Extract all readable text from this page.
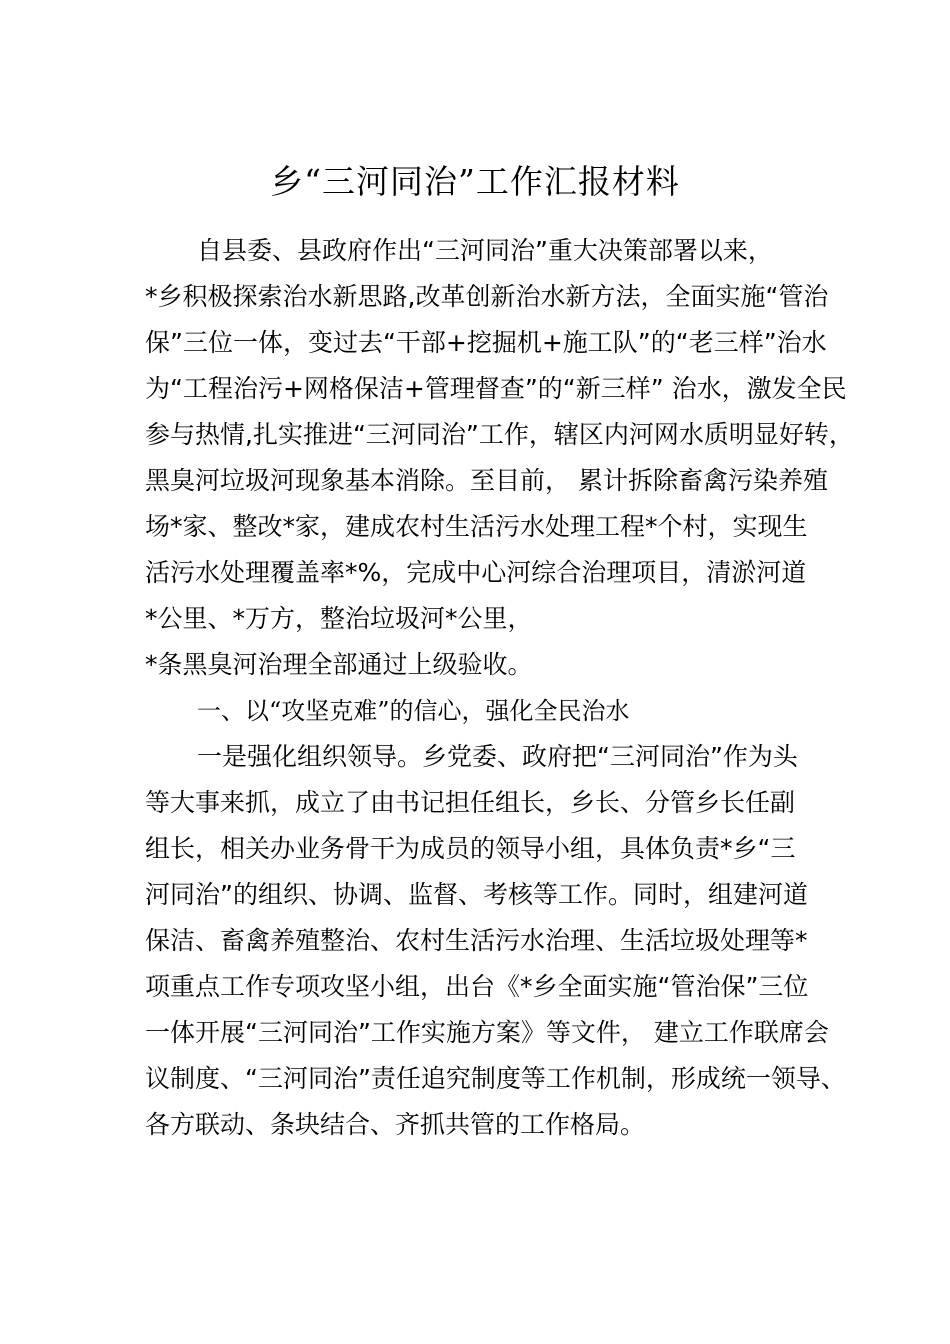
乡“三河同治”工作汇报材料
自县委、县政府作出“三河同治”重大决策部署以来，
*乡积极探索治水新思路,改革创新治水新方法，全面实施“管治
保”三位一体，变过去“干部+挖掘机+施工队”的“老三样”治水
为“工程治污+网格保洁+管理督查”的“新三样” 治水，激发全民
参与热情,扎实推进“三河同治”工作，辖区内河网水质明显好转，
黑臭河垃圾河现象基本消除。至目前， 累计拆除畜禽污染养殖
场*家、整改*家，建成农村生活污水处理工程*个村，实现生
活污水处理覆盖率*%，完成中心河综合治理项目，清淤河道
*公里、*万方，整治垃圾河*公里，
*条黑臭河治理全部通过上级验收。
一、以“攻坚克难”的信心，强化全民治水
一是强化组织领导。乡党委、政府把“三河同治”作为头
等大事来抓，成立了由书记担任组长，乡长、分管乡长任副
组长，相关办业务骨干为成员的领导小组，具体负责*乡“三
河同治”的组织、协调、监督、考核等工作。同时，组建河道
保洁、畜禽养殖整治、农村生活污水治理、生活垃圾处理等*
项重点工作专项攻坚小组，出台《*乡全面实施“管治保”三位
一体开展“三河同治”工作实施方案》等文件， 建立工作联席会
议制度、“三河同治”责任追究制度等工作机制，形成统一领导、
各方联动、条块结合、齐抓共管的工作格局。
